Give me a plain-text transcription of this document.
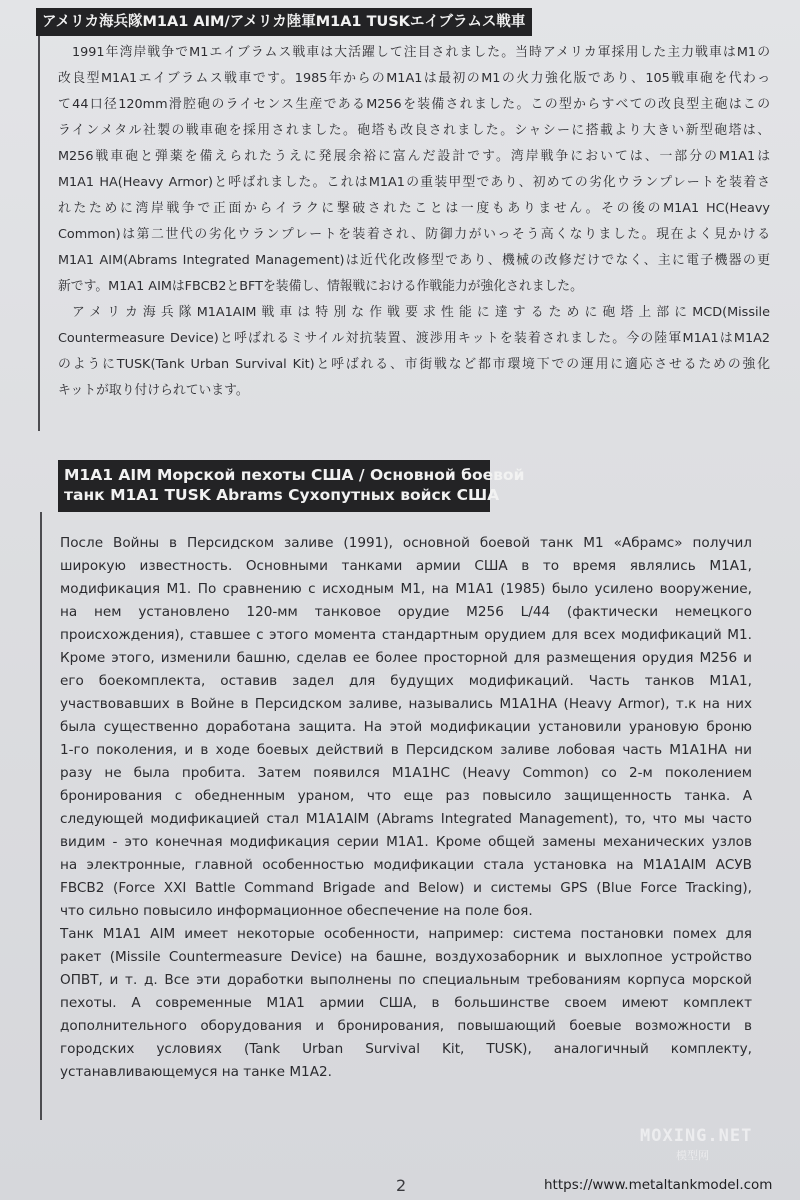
アメリカ海兵隊M1A1 AIM/アメリカ陸軍M1A1 TUSKエイブラムス戦車
1991年湾岸戦争でM1エイブラムス戦車は大活躍して注目されました。当時アメリカ軍採用した主力戦車はM1の
改良型M1A1エイブラムス戦車です。1985年からのM1A1は最初のM1の火力強化版であり、105戦車砲を代わっ
て44口径120mm滑腔砲のライセンス生産であるM256を装備されました。この型からすべての改良型主砲はこの
ラインメタル社製の戦車砲を採用されました。砲塔も改良されました。シャシーに搭載より大きい新型砲塔は、
M256戦車砲と弾薬を備えられたうえに発展余裕に富んだ設計です。湾岸戦争においては、一部分のM1A1は
M1A1 HA(Heavy Armor)と呼ばれました。これはM1A1の重装甲型であり、初めての劣化ウランプレートを装着さ
れたために湾岸戦争で正面からイラクに撃破されたことは一度もありません。その後のM1A1 HC(Heavy
Common)は第二世代の劣化ウランプレートを装着され、防御力がいっそう高くなりました。現在よく見かける
M1A1 AIM(Abrams Integrated Management)は近代化改修型であり、機械の改修だけでなく、主に電子機器の更
新です。M1A1 AIMはFBCB2とBFTを装備し、情報戦における作戦能力が強化されました。
アメリカ海兵隊M1A1AIM戦車は特別な作戦要求性能に達するために砲塔上部にMCD(Missile
Countermeasure Device)と呼ばれるミサイル対抗装置、渡渉用キットを装着されました。今の陸軍M1A1はM1A2
のようにTUSK(Tank Urban Survival Kit)と呼ばれる、市街戦など都市環境下での運用に適応させるための強化
キットが取り付けられています。
M1A1 AIM Морской пехоты США / Основной боевой
танк M1A1 TUSK Abrams Сухопутных войск США
После Войны в Персидском заливе (1991), основной боевой танк М1 «Абрамс» получил
широкую известность. Основными танками армии США в то время являлись М1А1,
модификация М1. По сравнению с исходным М1, на М1А1 (1985) было усилено вооружение,
на нем установлено 120-мм танковое орудие М256 L/44 (фактически немецкого
происхождения), ставшее с этого момента стандартным орудием для всех модификаций М1.
Кроме этого, изменили башню, сделав ее более просторной для размещения орудия М256 и
его боекомплекта, оставив задел для будущих модификаций. Часть танков М1А1,
участвовавших в Войне в Персидском заливе, назывались М1А1НА (Heavy Armor), т.к на них
была существенно доработана защита. На этой модификации установили урановую броню
1-го поколения, и в ходе боевых действий в Персидском заливе лобовая часть М1А1НА ни
разу не была пробита. Затем появился M1A1HC (Heavy Common) со 2-м поколением
бронирования с обедненным ураном, что еще раз повысило защищенность танка. А
следующей модификацией стал М1А1AIM (Abrams Integrated Management), то, что мы часто
видим - это конечная модификация серии М1А1. Кроме общей замены механических узлов
на электронные, главной особенностью модификации стала установка на М1А1AIM АСУВ
FBCB2 (Force XXI Battle Command Brigade and Below) и системы GPS (Blue Force Tracking),
что сильно повысило информационное обеспечение на поле боя.
Танк M1A1 AIM имеет некоторые особенности, например: система постановки помех для
ракет (Missile Countermeasure Device) на башне, воздухозаборник и выхлопное устройство
ОПВТ, и т. д. Все эти доработки выполнены по специальным требованиям корпуса морской
пехоты. А современные M1A1 армии США, в большинстве своем имеют комплект
дополнительного оборудования и бронирования, повышающий боевые возможности в
городских условиях (Tank Urban Survival Kit, TUSK), аналогичный комплекту,
устанавливающемуся на танке M1A2.
MOXING.NET
模型网
2	https://www.metaltankmodel.com
